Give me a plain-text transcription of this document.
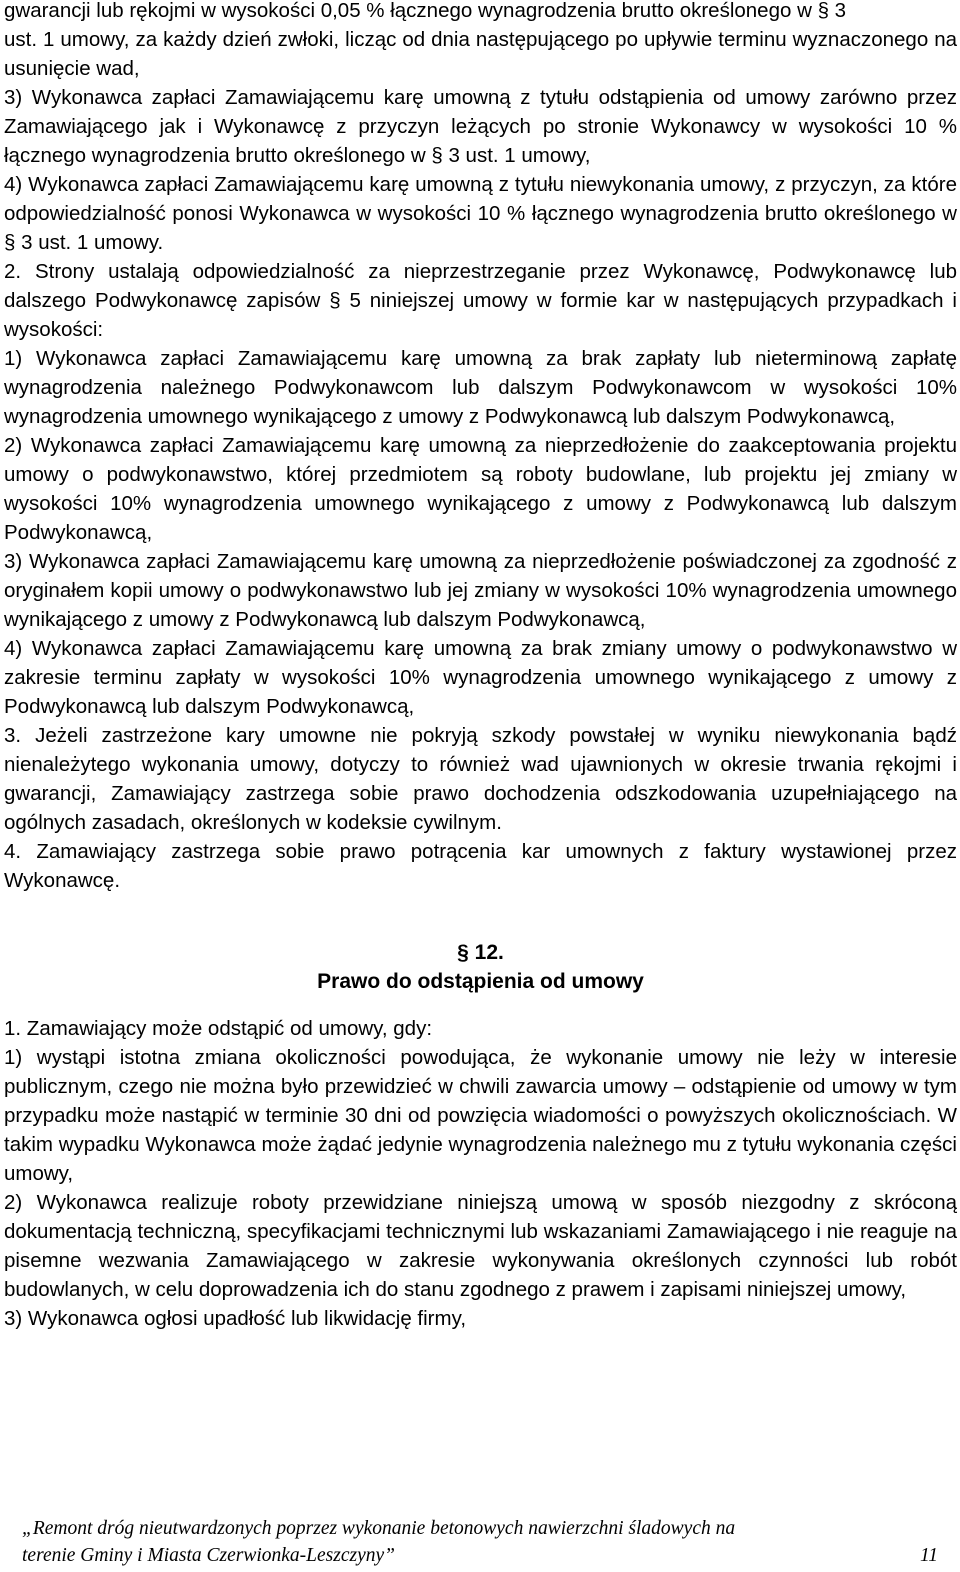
gwarancji lub rękojmi w wysokości 0,05 % łącznego wynagrodzenia brutto określonego w § 3

ust. 1 umowy, za każdy dzień zwłoki, licząc od dnia następującego po upływie terminu wyznaczonego na usunięcie wad,

3) Wykonawca zapłaci Zamawiającemu karę umowną z tytułu odstąpienia od umowy zarówno przez Zamawiającego jak i Wykonawcę z przyczyn leżących po stronie Wykonawcy w wysokości 10 % łącznego wynagrodzenia brutto określonego w § 3 ust. 1 umowy,

4) Wykonawca zapłaci Zamawiającemu karę umowną z tytułu niewykonania umowy, z przyczyn, za które odpowiedzialność ponosi Wykonawca w wysokości 10 % łącznego wynagrodzenia brutto określonego w § 3 ust. 1 umowy.

2. Strony ustalają odpowiedzialność za nieprzestrzeganie przez Wykonawcę, Podwykonawcę lub dalszego Podwykonawcę zapisów § 5 niniejszej umowy w formie kar w następujących przypadkach i wysokości:

1) Wykonawca zapłaci Zamawiającemu karę umowną za brak zapłaty lub nieterminową zapłatę wynagrodzenia należnego Podwykonawcom lub dalszym Podwykonawcom w wysokości 10% wynagrodzenia umownego wynikającego z umowy z Podwykonawcą lub dalszym Podwykonawcą,

2) Wykonawca zapłaci Zamawiającemu karę umowną za nieprzedłożenie do zaakceptowania projektu umowy o podwykonawstwo, której przedmiotem są roboty budowlane, lub projektu jej zmiany w wysokości 10% wynagrodzenia umownego wynikającego z umowy z Podwykonawcą lub dalszym Podwykonawcą,

3) Wykonawca zapłaci Zamawiającemu karę umowną za nieprzedłożenie poświadczonej za zgodność z oryginałem kopii umowy o podwykonawstwo lub jej zmiany w wysokości 10% wynagrodzenia umownego wynikającego z umowy z Podwykonawcą lub dalszym Podwykonawcą,

4) Wykonawca zapłaci Zamawiającemu karę umowną za brak zmiany umowy o podwykonawstwo w zakresie terminu zapłaty w wysokości 10% wynagrodzenia umownego wynikającego z umowy z Podwykonawcą lub dalszym Podwykonawcą,

3. Jeżeli zastrzeżone kary umowne nie pokryją szkody powstałej w wyniku niewykonania bądź nienależytego wykonania umowy, dotyczy to również wad ujawnionych w okresie trwania rękojmi i gwarancji, Zamawiający zastrzega sobie prawo dochodzenia odszkodowania uzupełniającego na ogólnych zasadach, określonych w kodeksie cywilnym.

4. Zamawiający zastrzega sobie prawo potrącenia kar umownych z faktury wystawionej przez Wykonawcę.

§ 12.

Prawo do odstąpienia od umowy

1. Zamawiający może odstąpić od umowy, gdy:

1) wystąpi istotna zmiana okoliczności powodująca, że wykonanie umowy nie leży w interesie publicznym, czego nie można było przewidzieć w chwili zawarcia umowy – odstąpienie od umowy w tym przypadku może nastąpić w terminie 30 dni od powzięcia wiadomości o powyższych okolicznościach. W takim wypadku Wykonawca może żądać jedynie wynagrodzenia należnego mu z tytułu wykonania części umowy,

2) Wykonawca realizuje roboty przewidziane niniejszą umową w sposób niezgodny z skróconą dokumentacją techniczną, specyfikacjami technicznymi lub wskazaniami Zamawiającego i nie reaguje na pisemne wezwania Zamawiającego w zakresie wykonywania określonych czynności lub robót budowlanych, w celu doprowadzenia ich do stanu zgodnego z prawem i zapisami niniejszej umowy,

3) Wykonawca ogłosi upadłość lub likwidację firmy,

„Remont dróg nieutwardzonych poprzez wykonanie betonowych nawierzchni śladowych na
terenie Gminy i Miasta Czerwionka-Leszczyny”	11
